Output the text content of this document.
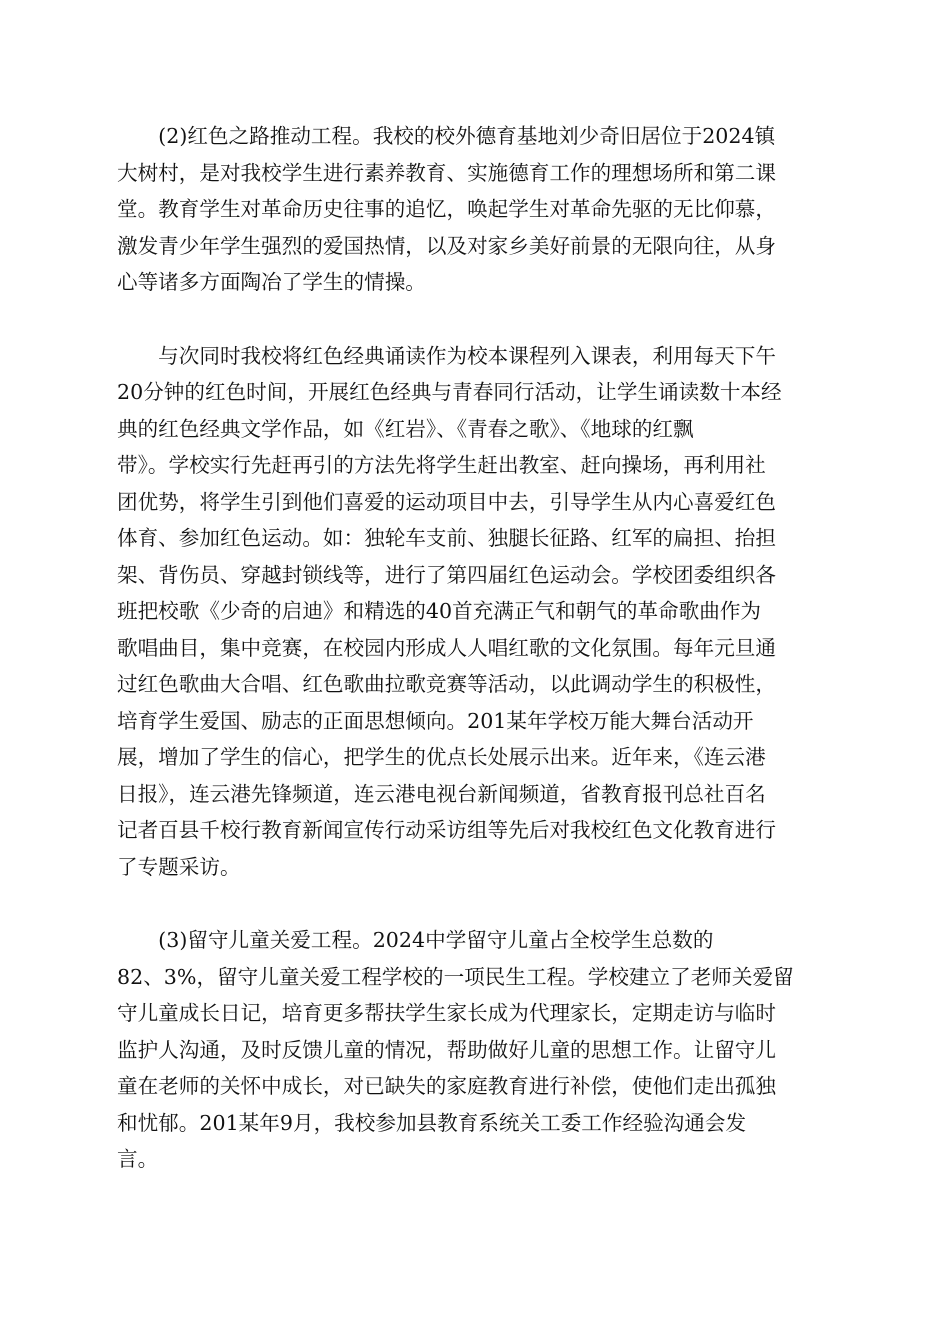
　　(2)红色之路推动工程。我校的校外德育基地刘少奇旧居位于2024镇
大树村，是对我校学生进行素养教育、实施德育工作的理想场所和第二课
堂。教育学生对革命历史往事的追忆，唤起学生对革命先驱的无比仰慕，
激发青少年学生强烈的爱国热情，以及对家乡美好前景的无限向往，从身
心等诸多方面陶冶了学生的情操。
　　与次同时我校将红色经典诵读作为校本课程列入课表，利用每天下午
20分钟的红色时间，开展红色经典与青春同行活动，让学生诵读数十本经
典的红色经典文学作品，如《红岩》、《青春之歌》、《地球的红飘
带》。学校实行先赶再引的方法先将学生赶出教室、赶向操场，再利用社
团优势，将学生引到他们喜爱的运动项目中去，引导学生从内心喜爱红色
体育、参加红色运动。如：独轮车支前、独腿长征路、红军的扁担、抬担
架、背伤员、穿越封锁线等，进行了第四届红色运动会。学校团委组织各
班把校歌《少奇的启迪》和精选的40首充满正气和朝气的革命歌曲作为
歌唱曲目，集中竞赛，在校园内形成人人唱红歌的文化氛围。每年元旦通
过红色歌曲大合唱、红色歌曲拉歌竞赛等活动，以此调动学生的积极性，
培育学生爱国、励志的正面思想倾向。201某年学校万能大舞台活动开
展，增加了学生的信心，把学生的优点长处展示出来。近年来，《连云港
日报》，连云港先锋频道，连云港电视台新闻频道，省教育报刊总社百名
记者百县千校行教育新闻宣传行动采访组等先后对我校红色文化教育进行
了专题采访。
　　(3)留守儿童关爱工程。2024中学留守儿童占全校学生总数的
82、3%，留守儿童关爱工程学校的一项民生工程。学校建立了老师关爱留
守儿童成长日记，培育更多帮扶学生家长成为代理家长，定期走访与临时
监护人沟通，及时反馈儿童的情况，帮助做好儿童的思想工作。让留守儿
童在老师的关怀中成长，对已缺失的家庭教育进行补偿，使他们走出孤独
和忧郁。201某年9月，我校参加县教育系统关工委工作经验沟通会发
言。
